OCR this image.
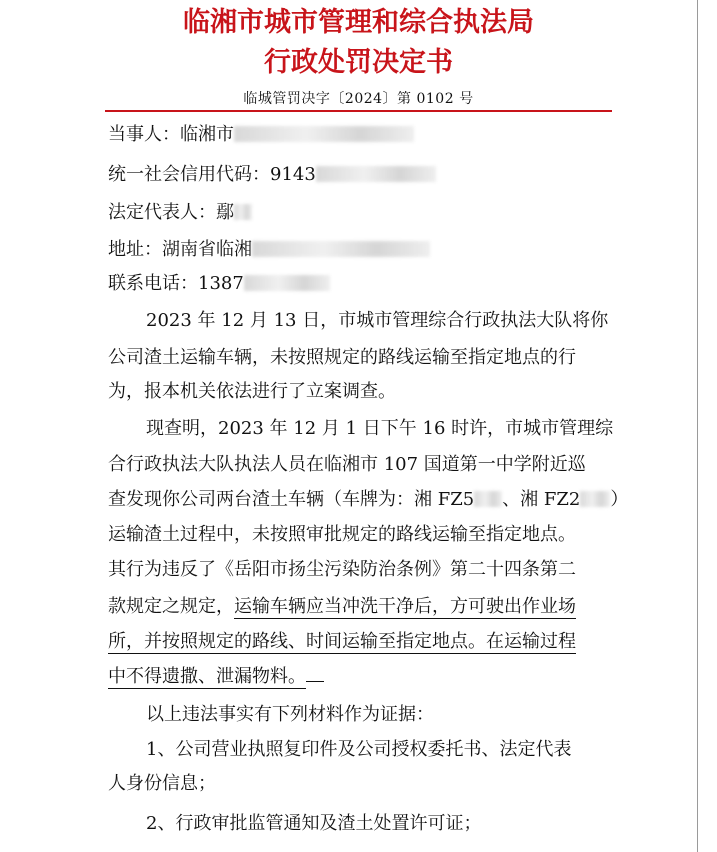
临湘市城市管理和综合执法局
行政处罚决定书
临城管罚决字〔2024〕第 0102 号
当事人：临湘市
统一社会信用代码：9143
法定代表人：鄢
地址：湖南省临湘
联系电话：1387
2023 年 12 月 13 日，市城市管理综合行政执法大队将你
公司渣土运输车辆，未按照规定的路线运输至指定地点的行
为，报本机关依法进行了立案调查。
现查明，2023 年 12 月 1 日下午 16 时许，市城市管理综
合行政执法大队执法人员在临湘市 107 国道第一中学附近巡
查发现你公司两台渣土车辆（车牌为：湘 FZ5 、湘 FZ2 ）
运输渣土过程中，未按照审批规定的路线运输至指定地点。
其行为违反了《岳阳市扬尘污染防治条例》第二十四条第二
款规定之规定，运输车辆应当冲洗干净后，方可驶出作业场
所，并按照规定的路线、时间运输至指定地点。在运输过程
中不得遗撒、泄漏物料。
以上违法事实有下列材料作为证据：
1、公司营业执照复印件及公司授权委托书、法定代表
人身份信息；
2、行政审批监管通知及渣土处置许可证；
